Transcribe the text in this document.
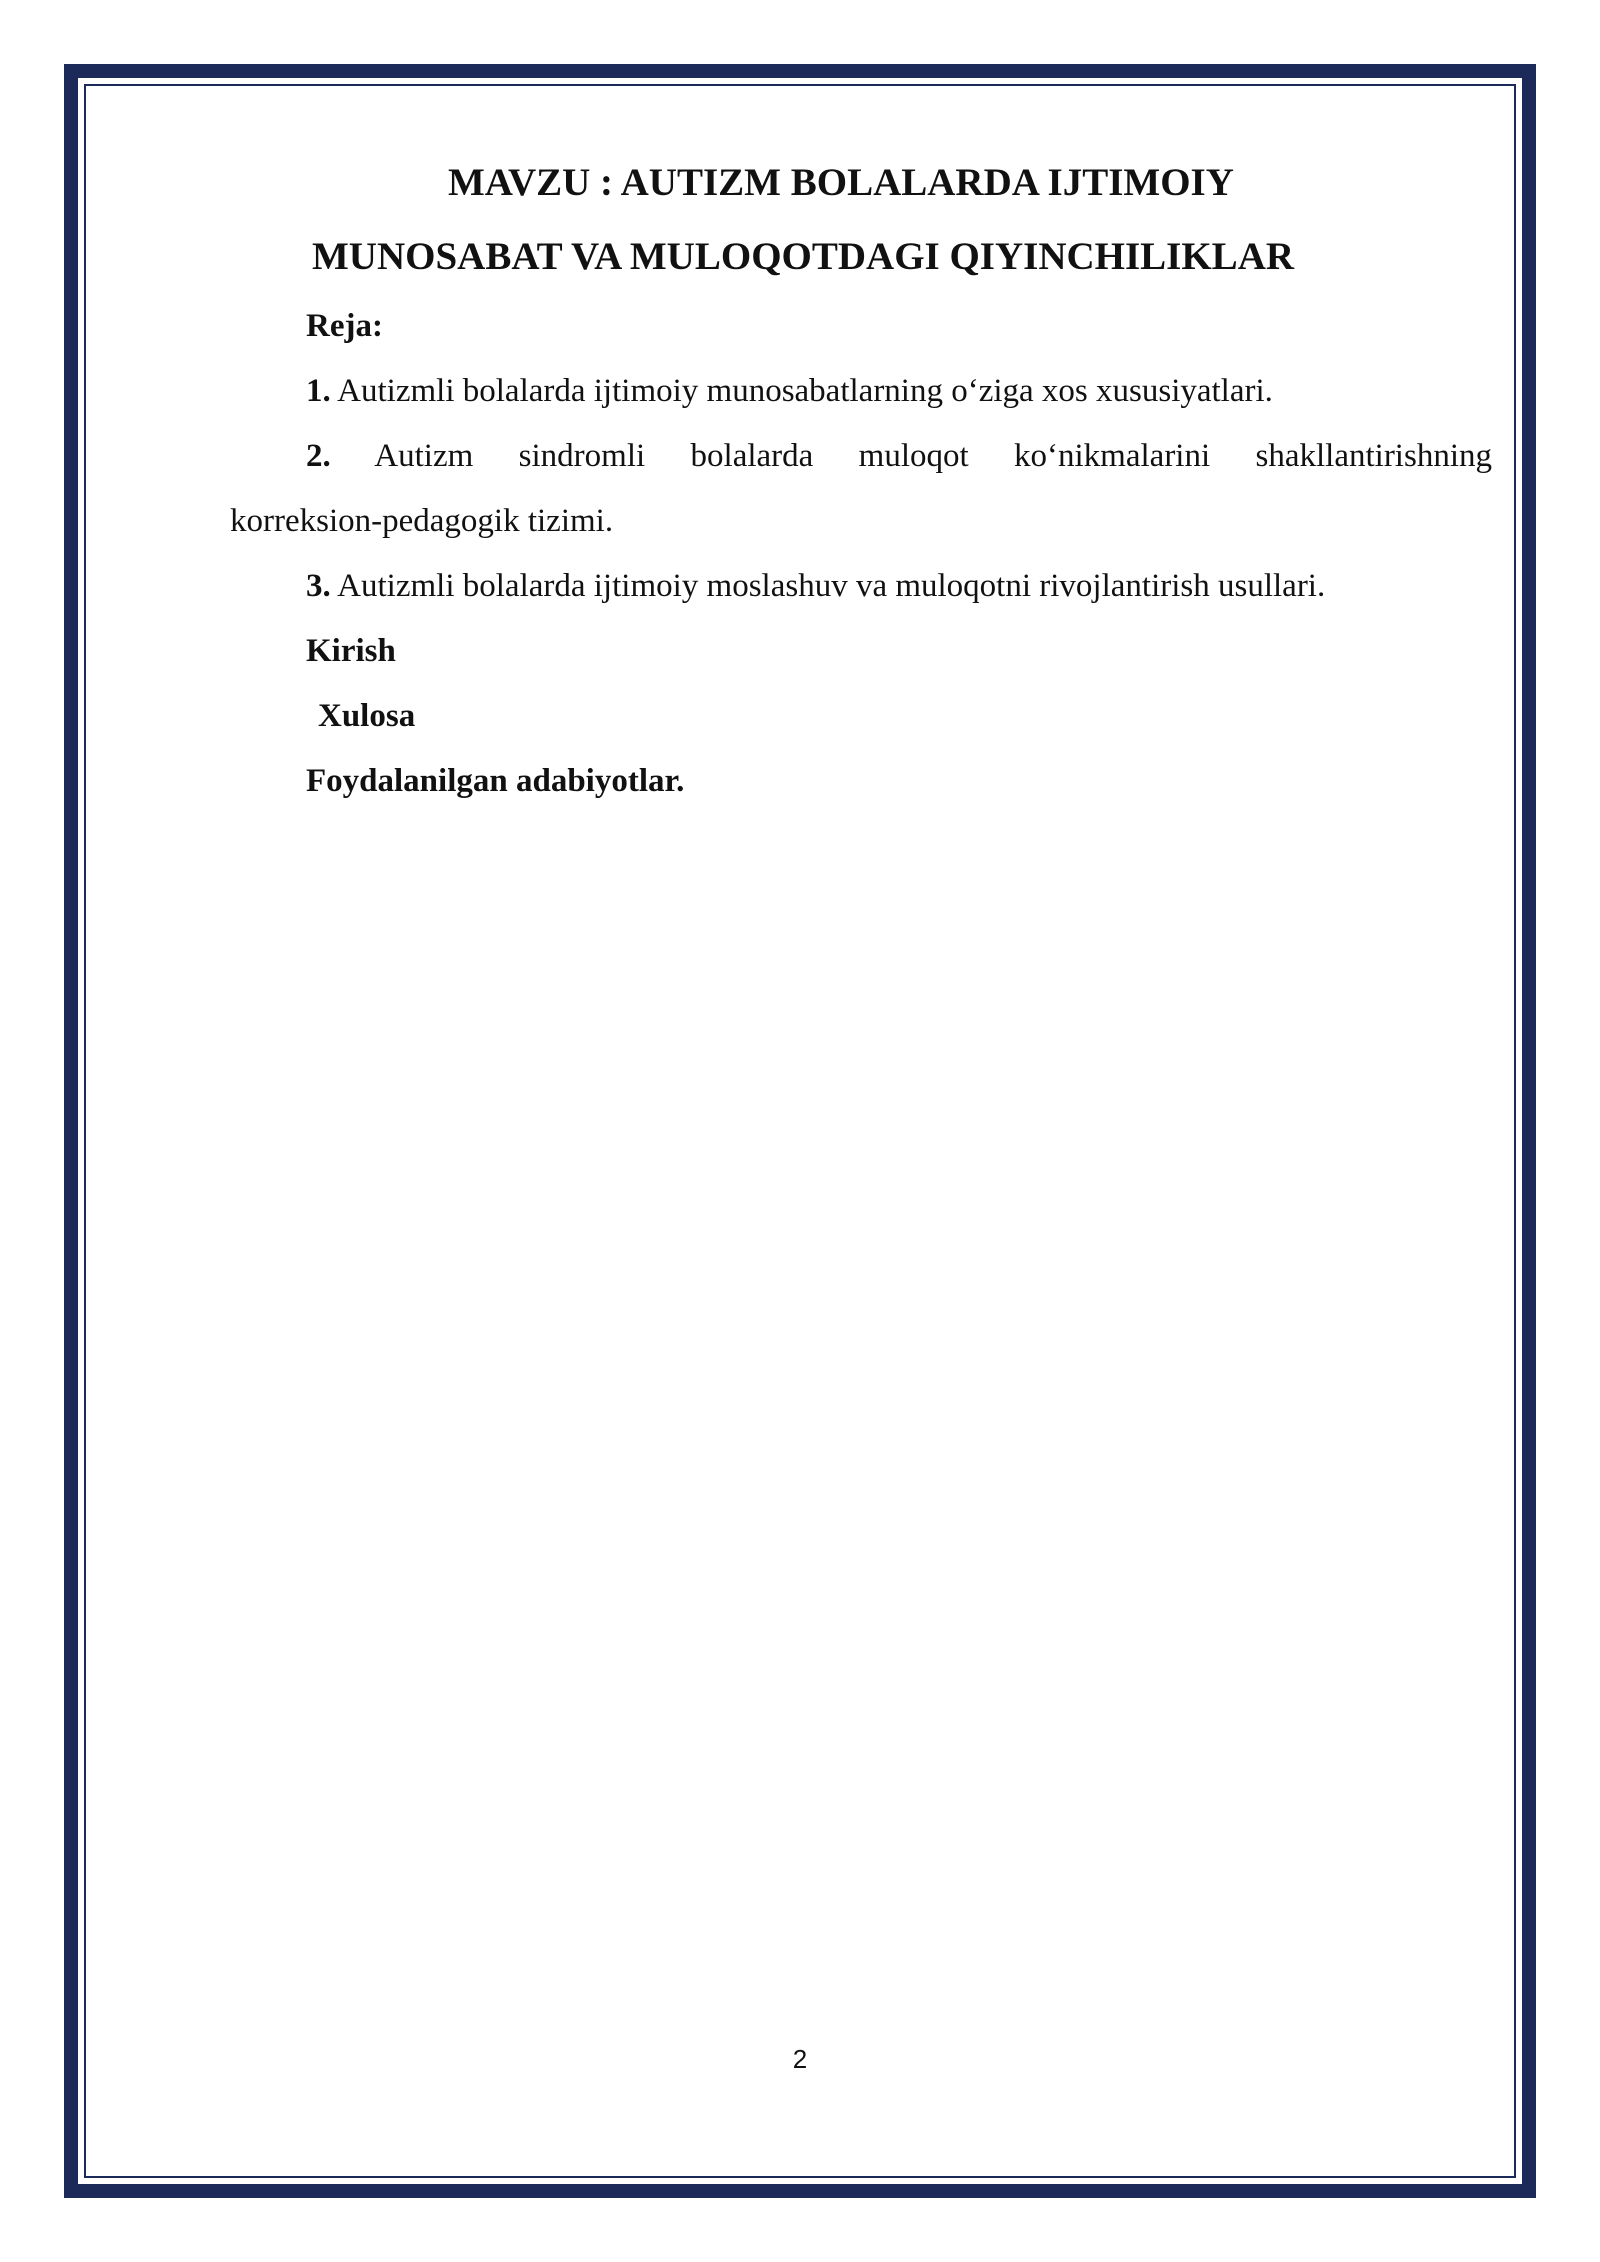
MAVZU : AUTIZM BOLALARDA IJTIMOIY
MUNOSABAT VA MULOQOTDAGI QIYINCHILIKLAR

Reja:

1. Autizmli bolalarda ijtimoiy munosabatlarning o‘ziga xos xususiyatlari.

2. Autizm sindromli bolalarda muloqot ko‘nikmalarini shakllantirishning

korreksion-pedagogik tizimi.

3. Autizmli bolalarda ijtimoiy moslashuv va muloqotni rivojlantirish usullari.

Kirish

Xulosa

Foydalanilgan adabiyotlar.

2
